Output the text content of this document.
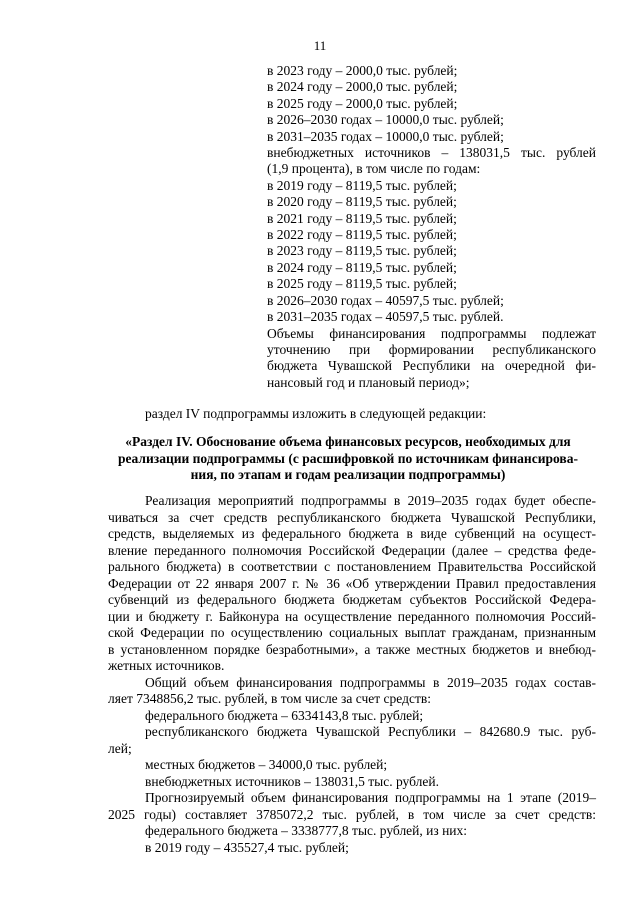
11
в 2023 году – 2000,0 тыс. рублей;
в 2024 году – 2000,0 тыс. рублей;
в 2025 году – 2000,0 тыс. рублей;
в 2026–2030 годах – 10000,0 тыс. рублей;
в 2031–2035 годах – 10000,0 тыс. рублей;
внебюджетных источников – 138031,5 тыс. рублей
(1,9 процента), в том числе по годам:
в 2019 году – 8119,5 тыс. рублей;
в 2020 году – 8119,5 тыс. рублей;
в 2021 году – 8119,5 тыс. рублей;
в 2022 году – 8119,5 тыс. рублей;
в 2023 году – 8119,5 тыс. рублей;
в 2024 году – 8119,5 тыс. рублей;
в 2025 году – 8119,5 тыс. рублей;
в 2026–2030 годах – 40597,5 тыс. рублей;
в 2031–2035 годах – 40597,5 тыс. рублей.
Объемы финансирования подпрограммы подлежат
уточнению при формировании республиканского
бюджета Чувашской Республики на очередной фи-
нансовый год и плановый период»;
раздел IV подпрограммы изложить в следующей редакции:
«Раздел IV. Обоснование объема финансовых ресурсов, необходимых для
реализации подпрограммы (с расшифровкой по источникам финансирова-
ния, по этапам и годам реализации подпрограммы)
Реализация мероприятий подпрограммы в 2019–2035 годах будет обеспе-
чиваться за счет средств республиканского бюджета Чувашской Республики,
средств, выделяемых из федерального бюджета в виде субвенций на осущест-
вление переданного полномочия Российской Федерации (далее – средства феде-
рального бюджета) в соответствии с постановлением Правительства Российской
Федерации от 22 января 2007 г. № 36 «Об утверждении Правил предоставления
субвенций из федерального бюджета бюджетам субъектов Российской Федера-
ции и бюджету г. Байконура на осуществление переданного полномочия Россий-
ской Федерации по осуществлению социальных выплат гражданам, признанным
в установленном порядке безработными», а также местных бюджетов и внебюд-
жетных источников.
Общий объем финансирования подпрограммы в 2019–2035 годах состав-
ляет 7348856,2 тыс. рублей, в том числе за счет средств:
федерального бюджета – 6334143,8 тыс. рублей;
республиканского бюджета Чувашской Республики – 842680.9 тыс. руб-
лей;
местных бюджетов – 34000,0 тыс. рублей;
внебюджетных источников – 138031,5 тыс. рублей.
Прогнозируемый объем финансирования подпрограммы на 1 этапе (2019–
2025 годы) составляет 3785072,2 тыс. рублей, в том числе за счет средств:
федерального бюджета – 3338777,8 тыс. рублей, из них:
в 2019 году – 435527,4 тыс. рублей;
